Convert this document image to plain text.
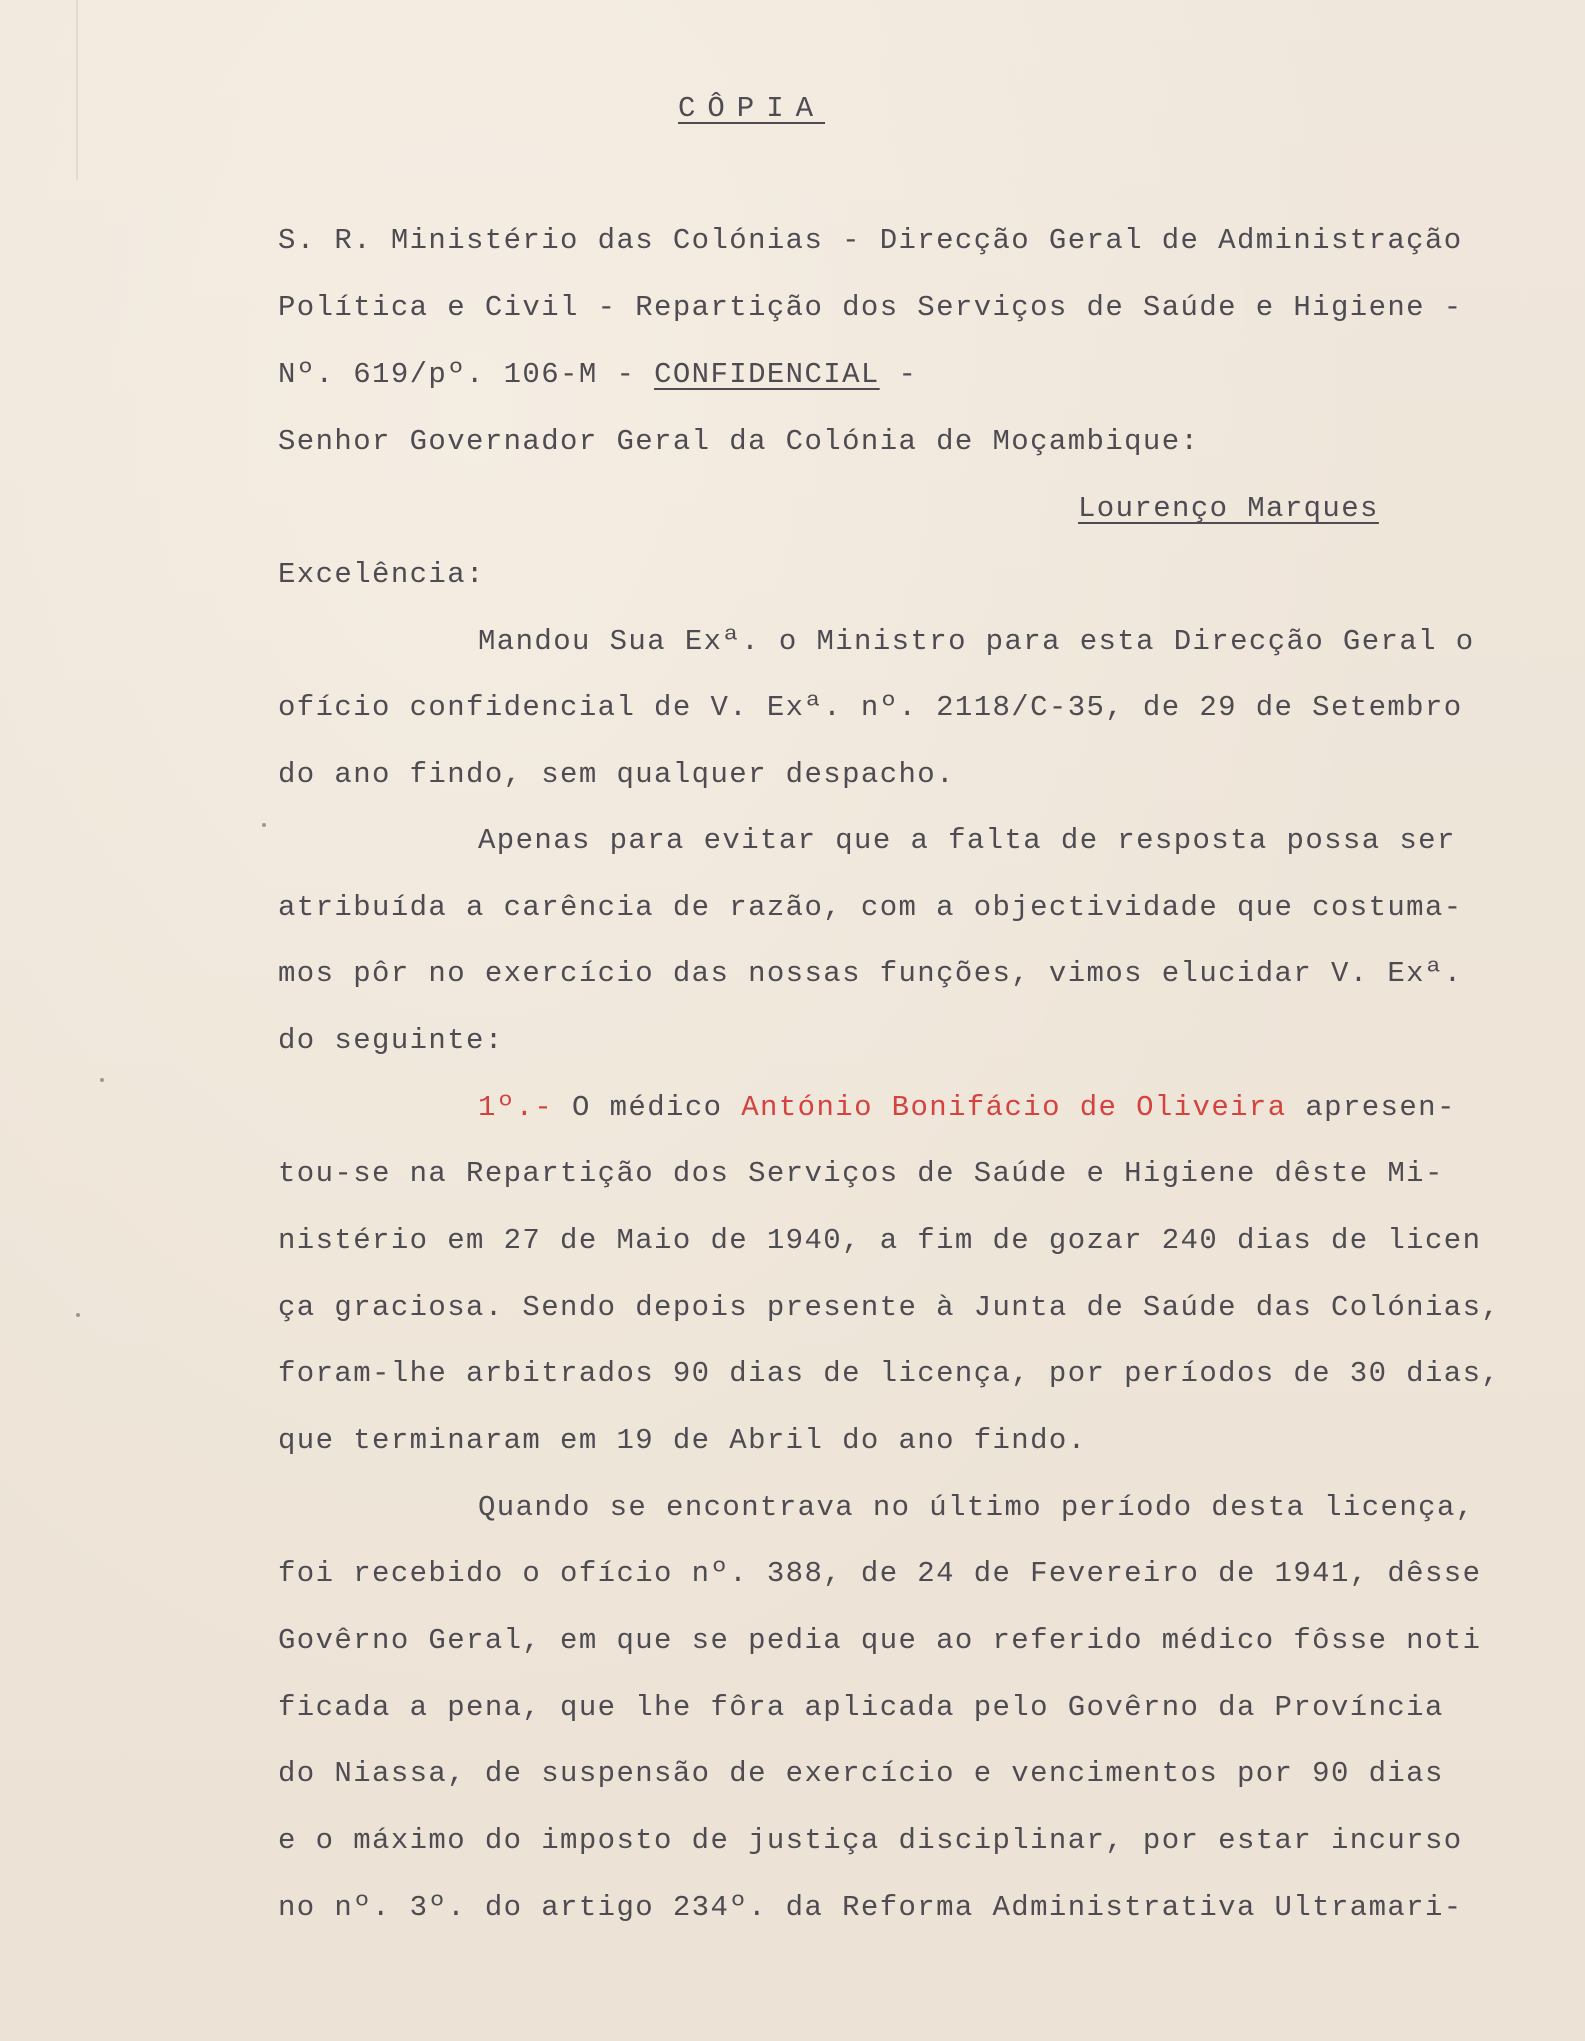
CÔPIA
S. R. Ministério das Colónias - Direcção Geral de Administração
Política e Civil - Repartição dos Serviços de Saúde e Higiene -
Nº. 619/pº. 106-M - CONFIDENCIAL -
Senhor Governador Geral da Colónia de Moçambique:
Lourenço Marques
Excelência:
Mandou Sua Exª. o Ministro para esta Direcção Geral o
ofício confidencial de V. Exª. nº. 2118/C-35, de 29 de Setembro
do ano findo, sem qualquer despacho.
Apenas para evitar que a falta de resposta possa ser
atribuída a carência de razão, com a objectividade que costuma-
mos pôr no exercício das nossas funções, vimos elucidar V. Exª.
do seguinte:
1º.- O médico António Bonifácio de Oliveira apresen-
tou-se na Repartição dos Serviços de Saúde e Higiene dêste Mi-
nistério em 27 de Maio de 1940, a fim de gozar 240 dias de licen
ça graciosa. Sendo depois presente à Junta de Saúde das Colónias,
foram-lhe arbitrados 90 dias de licença, por períodos de 30 dias,
que terminaram em 19 de Abril do ano findo.
Quando se encontrava no último período desta licença,
foi recebido o ofício nº. 388, de 24 de Fevereiro de 1941, dêsse
Govêrno Geral, em que se pedia que ao referido médico fôsse noti
ficada a pena, que lhe fôra aplicada pelo Govêrno da Província
do Niassa, de suspensão de exercício e vencimentos por 90 dias
e o máximo do imposto de justiça disciplinar, por estar incurso
no nº. 3º. do artigo 234º. da Reforma Administrativa Ultramari-
